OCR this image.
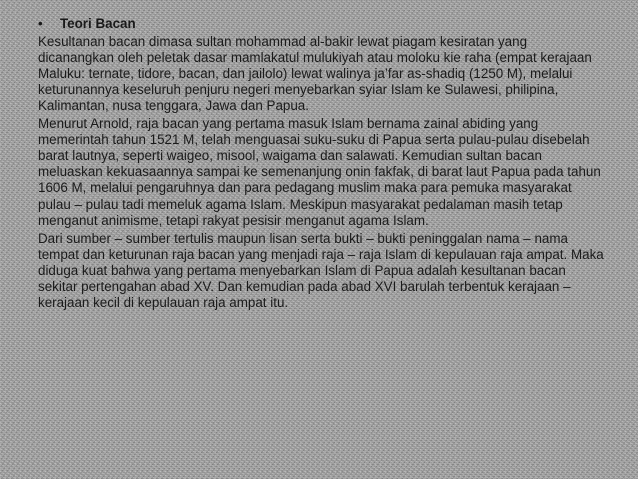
•	Teori Bacan

Kesultanan bacan dimasa sultan mohammad al-bakir lewat piagam kesiratan yang dicanangkan oleh peletak dasar mamlakatul mulukiyah atau moloku kie raha (empat kerajaan Maluku: ternate, tidore, bacan, dan jailolo) lewat walinya ja’far as-shadiq (1250 M), melalui keturunannya keseluruh penjuru negeri menyebarkan syiar Islam ke Sulawesi, philipina, Kalimantan, nusa tenggara, Jawa dan Papua.

Menurut Arnold, raja bacan yang pertama masuk Islam bernama zainal abiding yang memerintah tahun 1521 M, telah menguasai suku-suku di Papua serta pulau-pulau disebelah barat lautnya, seperti waigeo, misool, waigama dan salawati. Kemudian sultan bacan meluaskan kekuasaannya sampai ke semenanjung onin fakfak, di barat laut Papua pada tahun 1606 M, melalui pengaruhnya dan para pedagang muslim maka para pemuka masyarakat pulau – pulau tadi memeluk agama Islam. Meskipun masyarakat pedalaman masih tetap menganut animisme, tetapi rakyat pesisir menganut agama Islam.

Dari sumber – sumber tertulis maupun lisan serta bukti – bukti peninggalan nama – nama tempat dan keturunan raja bacan yang menjadi raja – raja Islam di kepulauan raja ampat. Maka diduga kuat bahwa yang pertama menyebarkan Islam di Papua adalah kesultanan bacan sekitar pertengahan abad XV. Dan kemudian pada abad XVI barulah terbentuk kerajaan – kerajaan kecil di kepulauan raja ampat itu.
